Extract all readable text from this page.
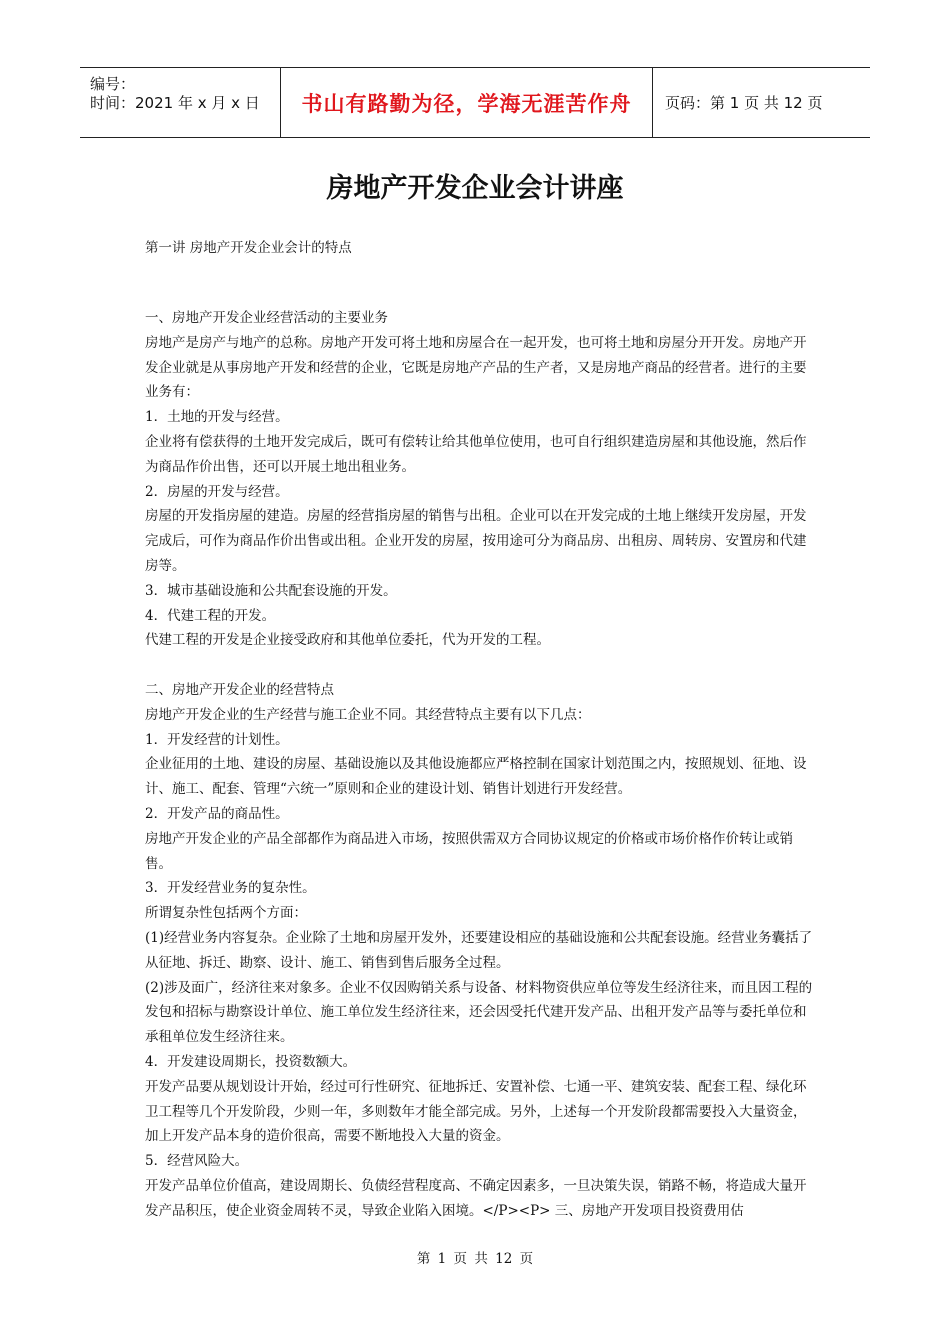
编号：
时间：2021 年 x 月 x 日	书山有路勤为径，学海无涯苦作舟	页码：第 1 页 共 12 页
房地产开发企业会计讲座
第一讲 房地产开发企业会计的特点

一、房地产开发企业经营活动的主要业务

房地产是房产与地产的总称。房地产开发可将土地和房屋合在一起开发，也可将土地和房屋分开开发。房地产开发企业就是从事房地产开发和经营的企业，它既是房地产产品的生产者，又是房地产商品的经营者。进行的主要业务有：

1．土地的开发与经营。

企业将有偿获得的土地开发完成后，既可有偿转让给其他单位使用，也可自行组织建造房屋和其他设施，然后作为商品作价出售，还可以开展土地出租业务。

2．房屋的开发与经营。

房屋的开发指房屋的建造。房屋的经营指房屋的销售与出租。企业可以在开发完成的土地上继续开发房屋，开发完成后，可作为商品作价出售或出租。企业开发的房屋，按用途可分为商品房、出租房、周转房、安置房和代建房等。

3．城市基础设施和公共配套设施的开发。

4．代建工程的开发。

代建工程的开发是企业接受政府和其他单位委托，代为开发的工程。

二、房地产开发企业的经营特点

房地产开发企业的生产经营与施工企业不同。其经营特点主要有以下几点：

1．开发经营的计划性。

企业征用的土地、建设的房屋、基础设施以及其他设施都应严格控制在国家计划范围之内，按照规划、征地、设计、施工、配套、管理“六统一”原则和企业的建设计划、销售计划进行开发经营。

2．开发产品的商品性。

房地产开发企业的产品全部都作为商品进入市场，按照供需双方合同协议规定的价格或市场价格作价转让或销售。

3．开发经营业务的复杂性。

所谓复杂性包括两个方面：

(1)经营业务内容复杂。企业除了土地和房屋开发外，还要建设相应的基础设施和公共配套设施。经营业务囊括了从征地、拆迁、勘察、设计、施工、销售到售后服务全过程。

(2)涉及面广，经济往来对象多。企业不仅因购销关系与设备、材料物资供应单位等发生经济往来，而且因工程的发包和招标与勘察设计单位、施工单位发生经济往来，还会因受托代建开发产品、出租开发产品等与委托单位和承租单位发生经济往来。

4．开发建设周期长，投资数额大。

开发产品要从规划设计开始，经过可行性研究、征地拆迁、安置补偿、七通一平、建筑安装、配套工程、绿化环卫工程等几个开发阶段，少则一年，多则数年才能全部完成。另外，上述每一个开发阶段都需要投入大量资金，加上开发产品本身的造价很高，需要不断地投入大量的资金。

5．经营风险大。

开发产品单位价值高，建设周期长、负债经营程度高、不确定因素多，一旦决策失误，销路不畅，将造成大量开发产品积压，使企业资金周转不灵，导致企业陷入困境。</P><P> 三、房地产开发项目投资费用估

第 1 页 共 12 页
